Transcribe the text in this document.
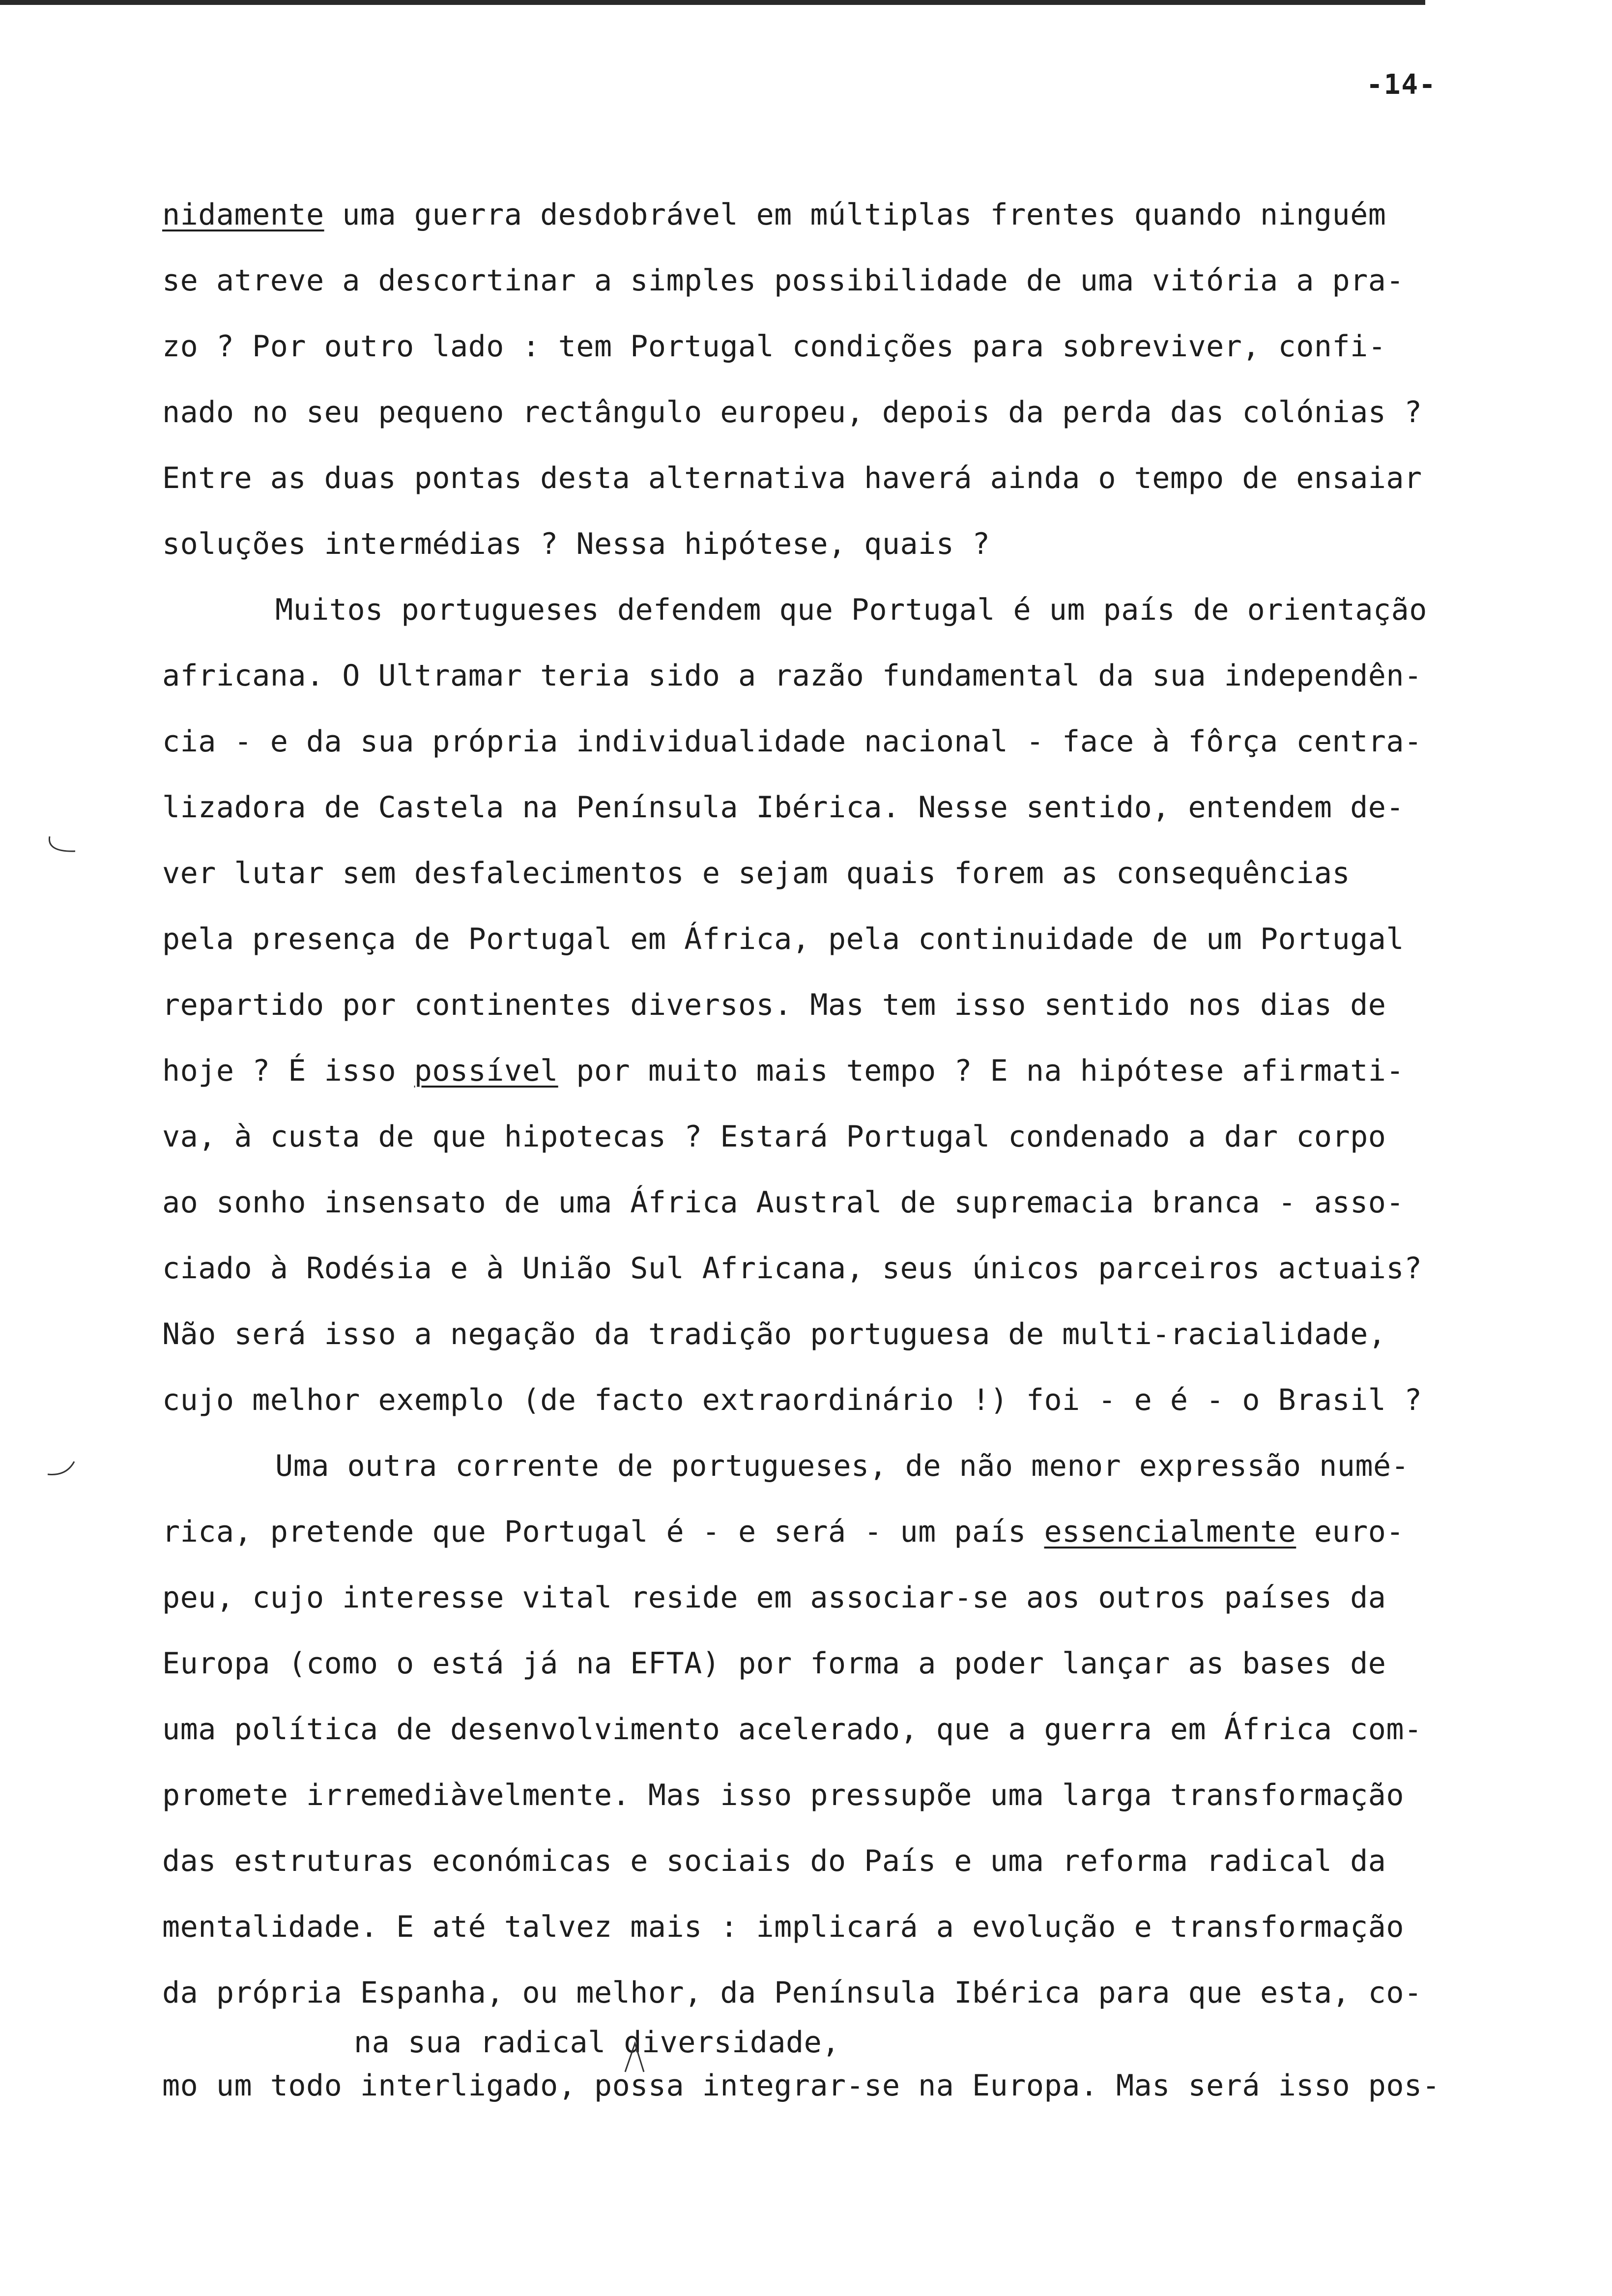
-14-
nidamente uma guerra desdobrável em múltiplas frentes quando ninguém
se atreve a descortinar a simples possibilidade de uma vitória a pra-
zo ? Por outro lado : tem Portugal condições para sobreviver, confi-
nado no seu pequeno rectângulo europeu, depois da perda das colónias ?
Entre as duas pontas desta alternativa haverá ainda o tempo de ensaiar
soluções intermédias ? Nessa hipótese, quais ?
Muitos portugueses defendem que Portugal é um país de orientação
africana. O Ultramar teria sido a razão fundamental da sua independên-
cia - e da sua própria individualidade nacional - face à fôrça centra-
lizadora de Castela na Península Ibérica. Nesse sentido, entendem de-
ver lutar sem desfalecimentos e sejam quais forem as consequências
pela presença de Portugal em África, pela continuidade de um Portugal
repartido por continentes diversos. Mas tem isso sentido nos dias de
hoje ? É isso possível por muito mais tempo ? E na hipótese afirmati-
va, à custa de que hipotecas ? Estará Portugal condenado a dar corpo
ao sonho insensato de uma África Austral de supremacia branca - asso-
ciado à Rodésia e à União Sul Africana, seus únicos parceiros actuais?
Não será isso a negação da tradição portuguesa de multi-racialidade,
cujo melhor exemplo (de facto extraordinário !) foi - e é - o Brasil ?
Uma outra corrente de portugueses, de não menor expressão numé-
rica, pretende que Portugal é - e será - um país essencialmente euro-
peu, cujo interesse vital reside em associar-se aos outros países da
Europa (como o está já na EFTA) por forma a poder lançar as bases de
uma política de desenvolvimento acelerado, que a guerra em África com-
promete irremediàvelmente. Mas isso pressupõe uma larga transformação
das estruturas económicas e sociais do País e uma reforma radical da
mentalidade. E até talvez mais : implicará a evolução e transformação
da própria Espanha, ou melhor, da Península Ibérica para que esta, co-
na sua radical diversidade,
mo um todo interligado, possa integrar-se na Europa. Mas será isso pos-
